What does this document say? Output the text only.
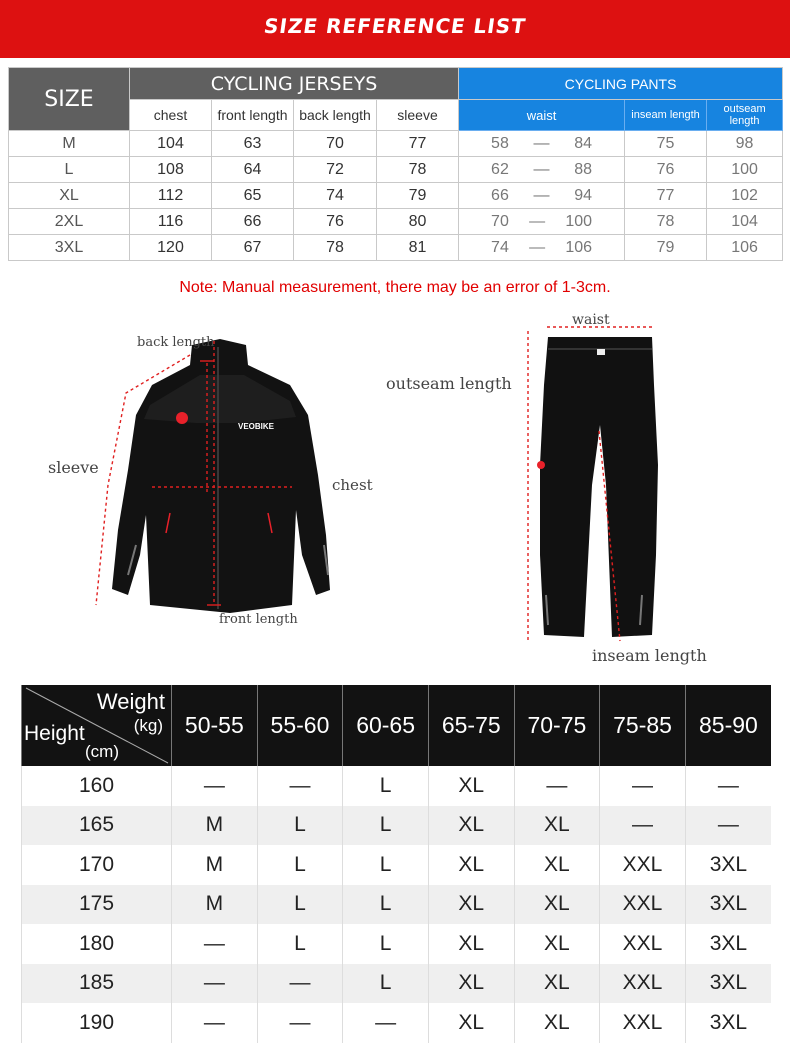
SIZE REFERENCE LIST
SIZE	CYCLING JERSEYS				CYCLING PANTS		
	chest	front length	back length	sleeve	waist	inseam length	outseam length
M	104	63	70	77	58 — 84	75	98
L	108	64	72	78	62 — 88	76	100
XL	112	65	74	79	66 — 94	77	102
2XL	116	66	76	80	70 — 100	78	104
3XL	120	67	78	81	74 — 106	79	106
Note: Manual measurement, there may be an error of 1-3cm.
back length
sleeve
chest
front length
VEOBIKE
waist
outseam length
inseam length
Weight
(kg)
Height
(cm)	50-55	55-60	60-65	65-75	70-75	75-85	85-90
160	—	—	L	XL	—	—	—
165	M	L	L	XL	XL	—	—
170	M	L	L	XL	XL	XXL	3XL
175	M	L	L	XL	XL	XXL	3XL
180	—	L	L	XL	XL	XXL	3XL
185	—	—	L	XL	XL	XXL	3XL
190	—	—	—	XL	XL	XXL	3XL
